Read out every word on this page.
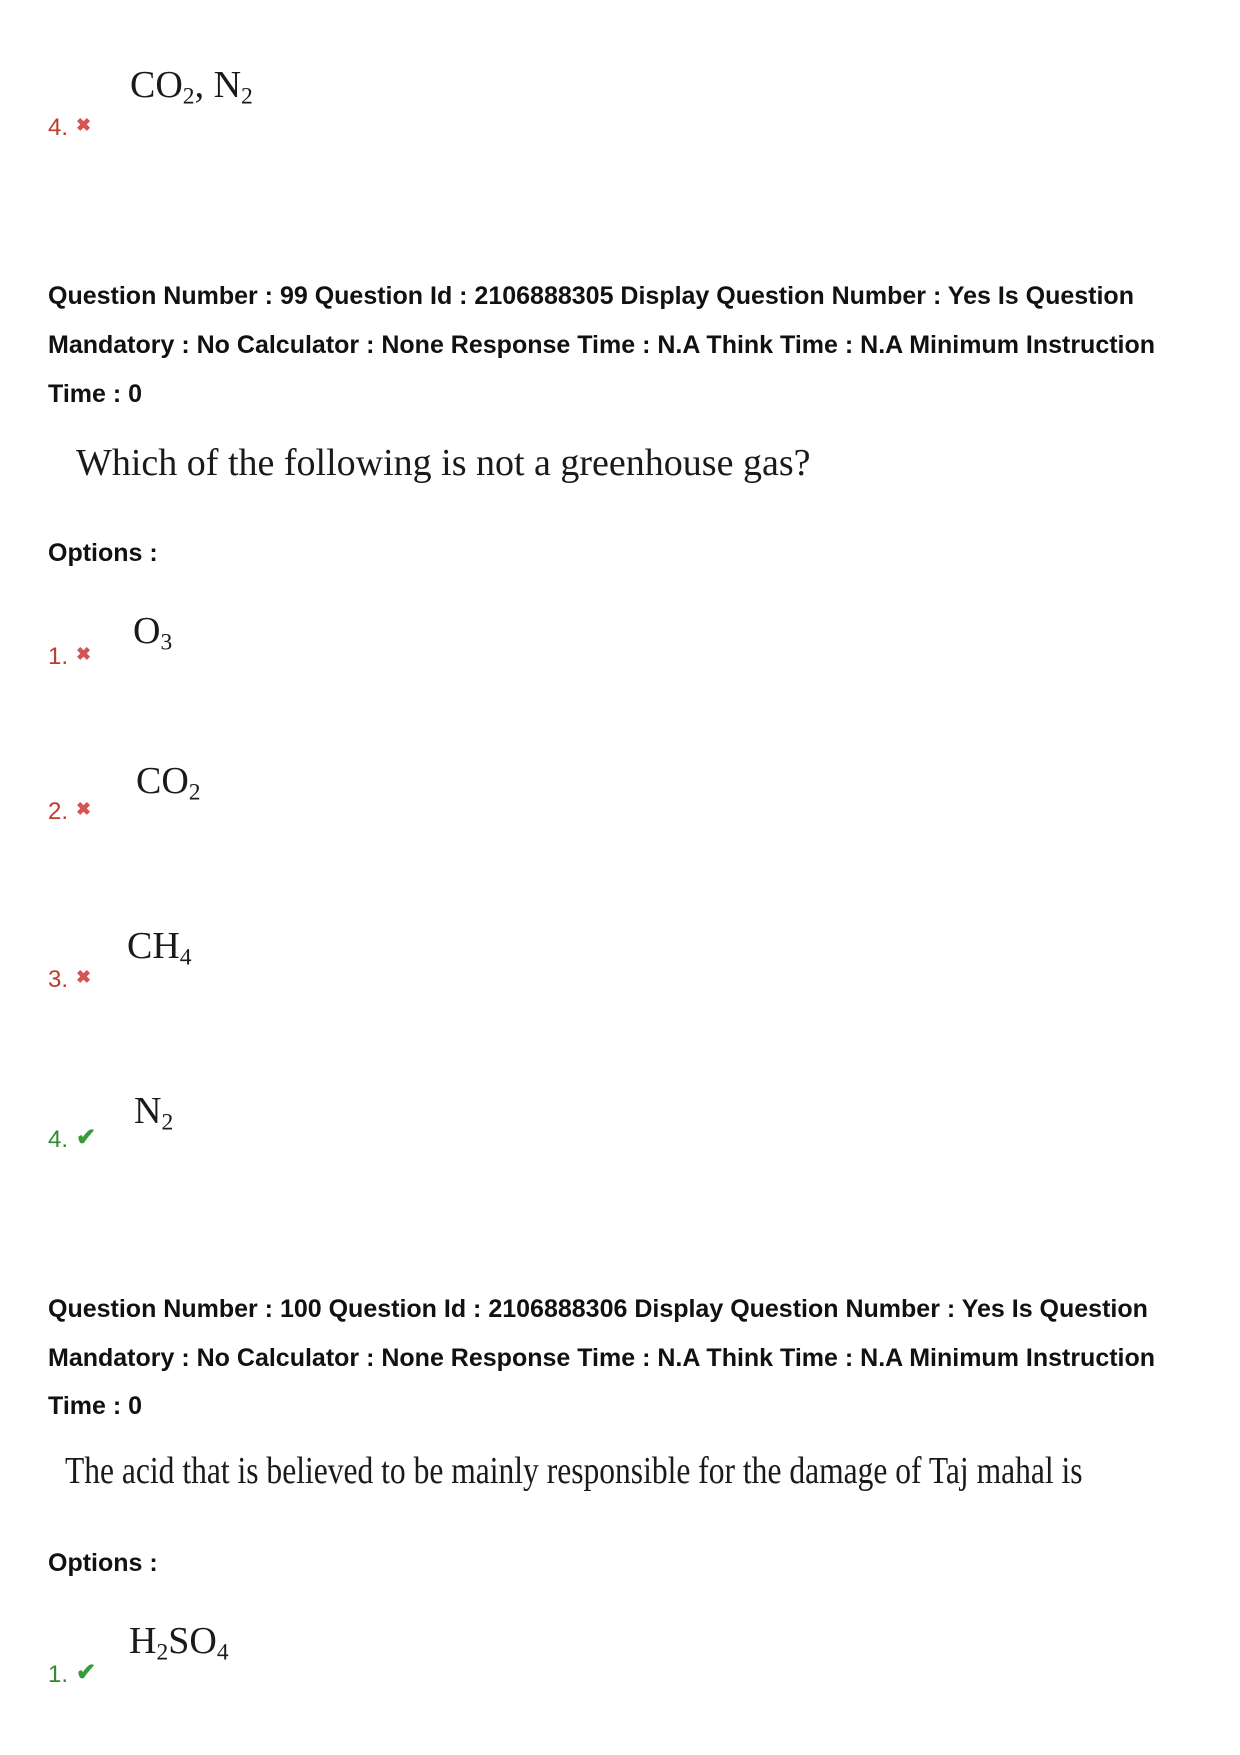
$CO_2$, $N_2$
4. ✖
Question Number : 99 Question Id : 2106888305 Display Question Number : Yes Is Question
Mandatory : No Calculator : None Response Time : N.A Think Time : N.A Minimum Instruction
Time : 0
Which of the following is not a greenhouse gas?
Options :
$O_3$
1. ✖
$CO_2$
2. ✖
$CH_4$
3. ✖
$N_2$
4. ✔
Question Number : 100 Question Id : 2106888306 Display Question Number : Yes Is Question
Mandatory : No Calculator : None Response Time : N.A Think Time : N.A Minimum Instruction
Time : 0
The acid that is believed to be mainly responsible for the damage of Taj mahal is
Options :
$H_2SO_4$
1. ✔
